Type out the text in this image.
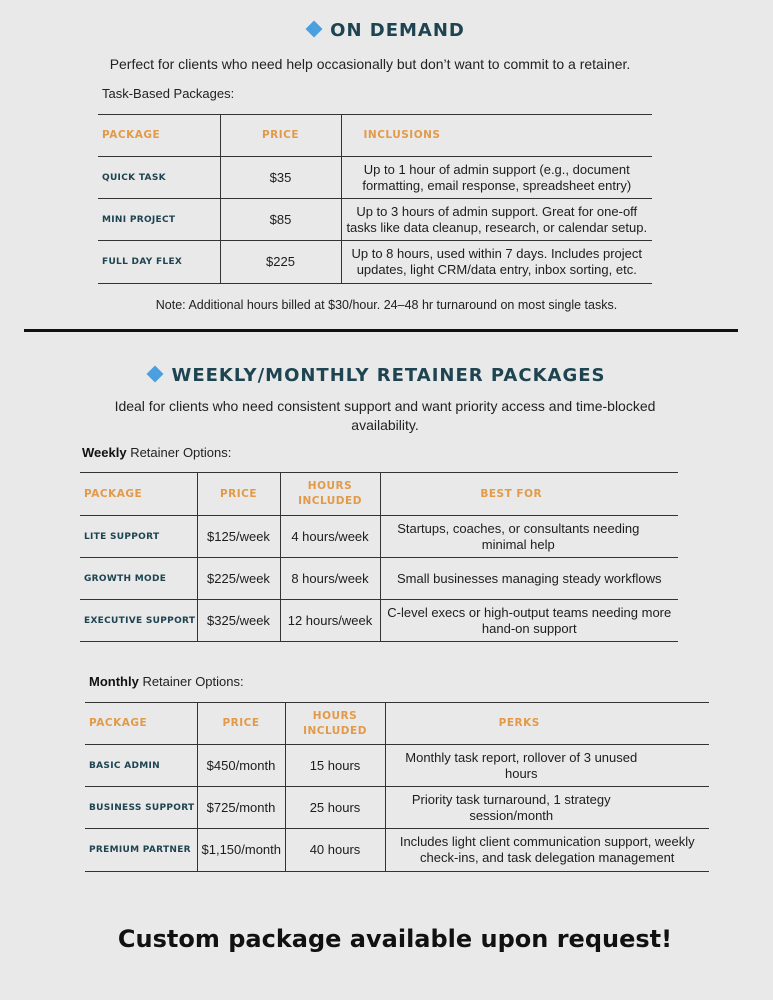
ON DEMAND
Perfect for clients who need help occasionally but don’t want to commit to a retainer.
Task-Based Packages:
PACKAGE	PRICE	INCLUSIONS
QUICK TASK	$35	Up to 1 hour of admin support (e.g., document formatting, email response, spreadsheet entry)
MINI PROJECT	$85	Up to 3 hours of admin support. Great for one-off tasks like data cleanup, research, or calendar setup.
FULL DAY FLEX	$225	Up to 8 hours, used within 7 days. Includes project updates, light CRM/data entry, inbox sorting, etc.
Note: Additional hours billed at $30/hour. 24–48 hr turnaround on most single tasks.
WEEKLY/MONTHLY RETAINER PACKAGES
Ideal for clients who need consistent support and want priority access and time-blocked availability.
Weekly Retainer Options:
PACKAGE	PRICE	HOURS INCLUDED	BEST FOR
LITE SUPPORT	$125/week	4 hours/week	Startups, coaches, or consultants needing minimal help
GROWTH MODE	$225/week	8 hours/week	Small businesses managing steady workflows
EXECUTIVE SUPPORT	$325/week	12 hours/week	C-level execs or high-output teams needing more hand-on support
Monthly Retainer Options:
PACKAGE	PRICE	HOURS INCLUDED	PERKS
BASIC ADMIN	$450/month	15 hours	Monthly task report, rollover of 3 unused hours
BUSINESS SUPPORT	$725/month	25 hours	Priority task turnaround, 1 strategy session/month
PREMIUM PARTNER	$1,150/month	40 hours	Includes light client communication support, weekly check-ins, and task delegation management
Custom package available upon request!
